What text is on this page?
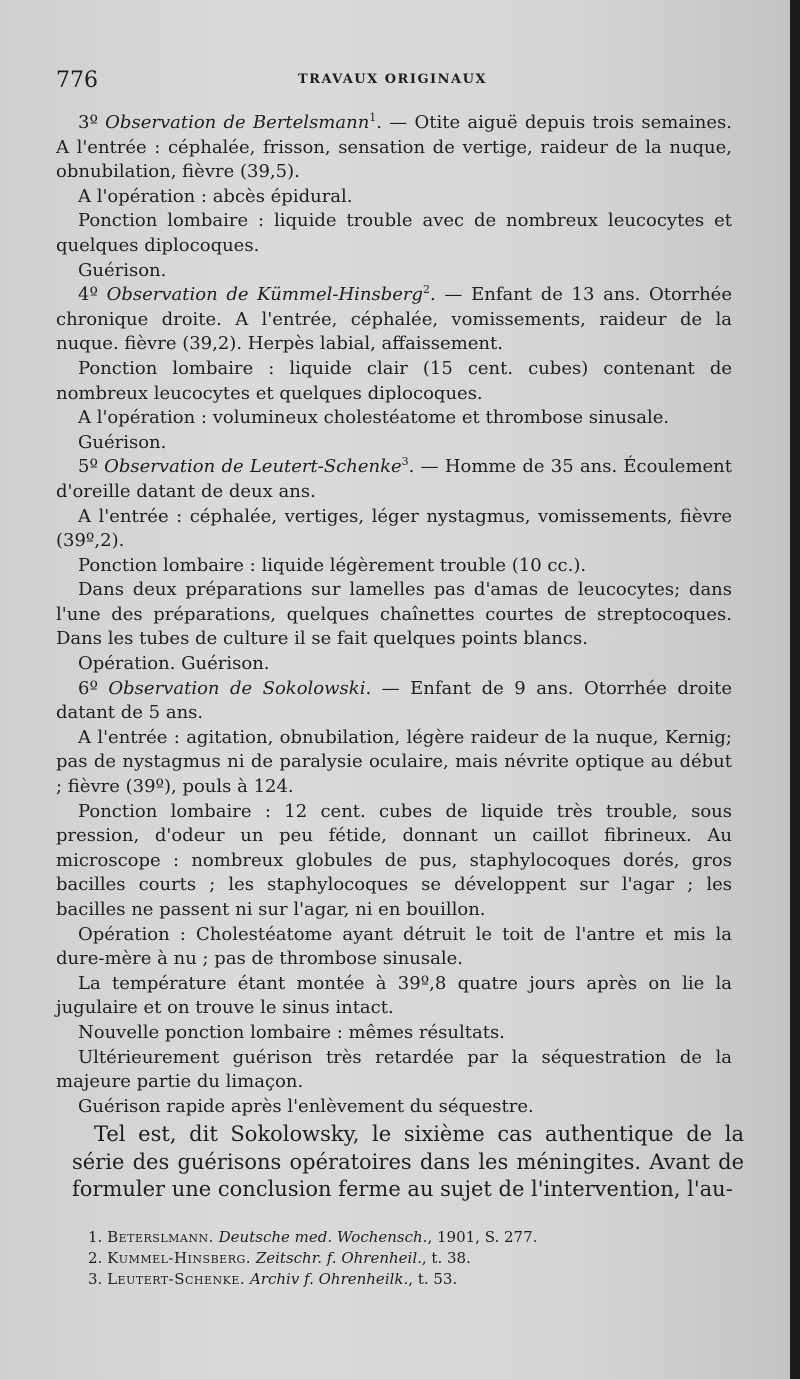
776	TRAVAUX ORIGINAUX

3º Observation de Bertelsmann$^1$. — Otite aiguë depuis trois semaines. A l'entrée : céphalée, frisson, sensation de vertige, raideur de la nuque, obnubilation, fièvre (39,5).

A l'opération : abcès épidural.

Ponction lombaire : liquide trouble avec de nombreux leucocytes et quelques diplocoques.

Guérison.

4º Observation de Kümmel-Hinsberg$^2$. — Enfant de 13 ans. Otorrhée chronique droite. A l'entrée, céphalée, vomissements, raideur de la nuque. fièvre (39,2). Herpès labial, affaissement.

Ponction lombaire : liquide clair (15 cent. cubes) contenant de nombreux leucocytes et quelques diplocoques.

A l'opération : volumineux cholestéatome et thrombose sinusale.

Guérison.

5º Observation de Leutert-Schenke$^3$. — Homme de 35 ans. Écoulement d'oreille datant de deux ans.

A l'entrée : céphalée, vertiges, léger nystagmus, vomissements, fièvre (39º,2).

Ponction lombaire : liquide légèrement trouble (10 cc.).

Dans deux préparations sur lamelles pas d'amas de leucocytes; dans l'une des préparations, quelques chaînettes courtes de streptocoques. Dans les tubes de culture il se fait quelques points blancs.

Opération. Guérison.

6º Observation de Sokolowski. — Enfant de 9 ans. Otorrhée droite datant de 5 ans.

A l'entrée : agitation, obnubilation, légère raideur de la nuque, Kernig; pas de nystagmus ni de paralysie oculaire, mais névrite optique au début ; fièvre (39º), pouls à 124.

Ponction lombaire : 12 cent. cubes de liquide très trouble, sous pression, d'odeur un peu fétide, donnant un caillot fibrineux. Au microscope : nombreux globules de pus, staphylocoques dorés, gros bacilles courts ; les staphylocoques se développent sur l'agar ; les bacilles ne passent ni sur l'agar, ni en bouillon.

Opération : Cholestéatome ayant détruit le toit de l'antre et mis la dure-mère à nu ; pas de thrombose sinusale.

La température étant montée à 39º,8 quatre jours après on lie la jugulaire et on trouve le sinus intact.

Nouvelle ponction lombaire : mêmes résultats.

Ultérieurement guérison très retardée par la séquestration de la majeure partie du limaçon.

Guérison rapide après l'enlèvement du séquestre.

Tel est, dit Sokolowsky, le sixième cas authentique de la série des guérisons opératoires dans les méningites. Avant de formuler une conclusion ferme au sujet de l'intervention, l'au-

1. Beterslmann. Deutsche med. Wochensch., 1901, S. 277.
2. Kummel-Hinsberg. Zeitschr. f. Ohrenheil., t. 38.
3. Leutert-Schenke. Archiv f. Ohrenheilk., t. 53.
